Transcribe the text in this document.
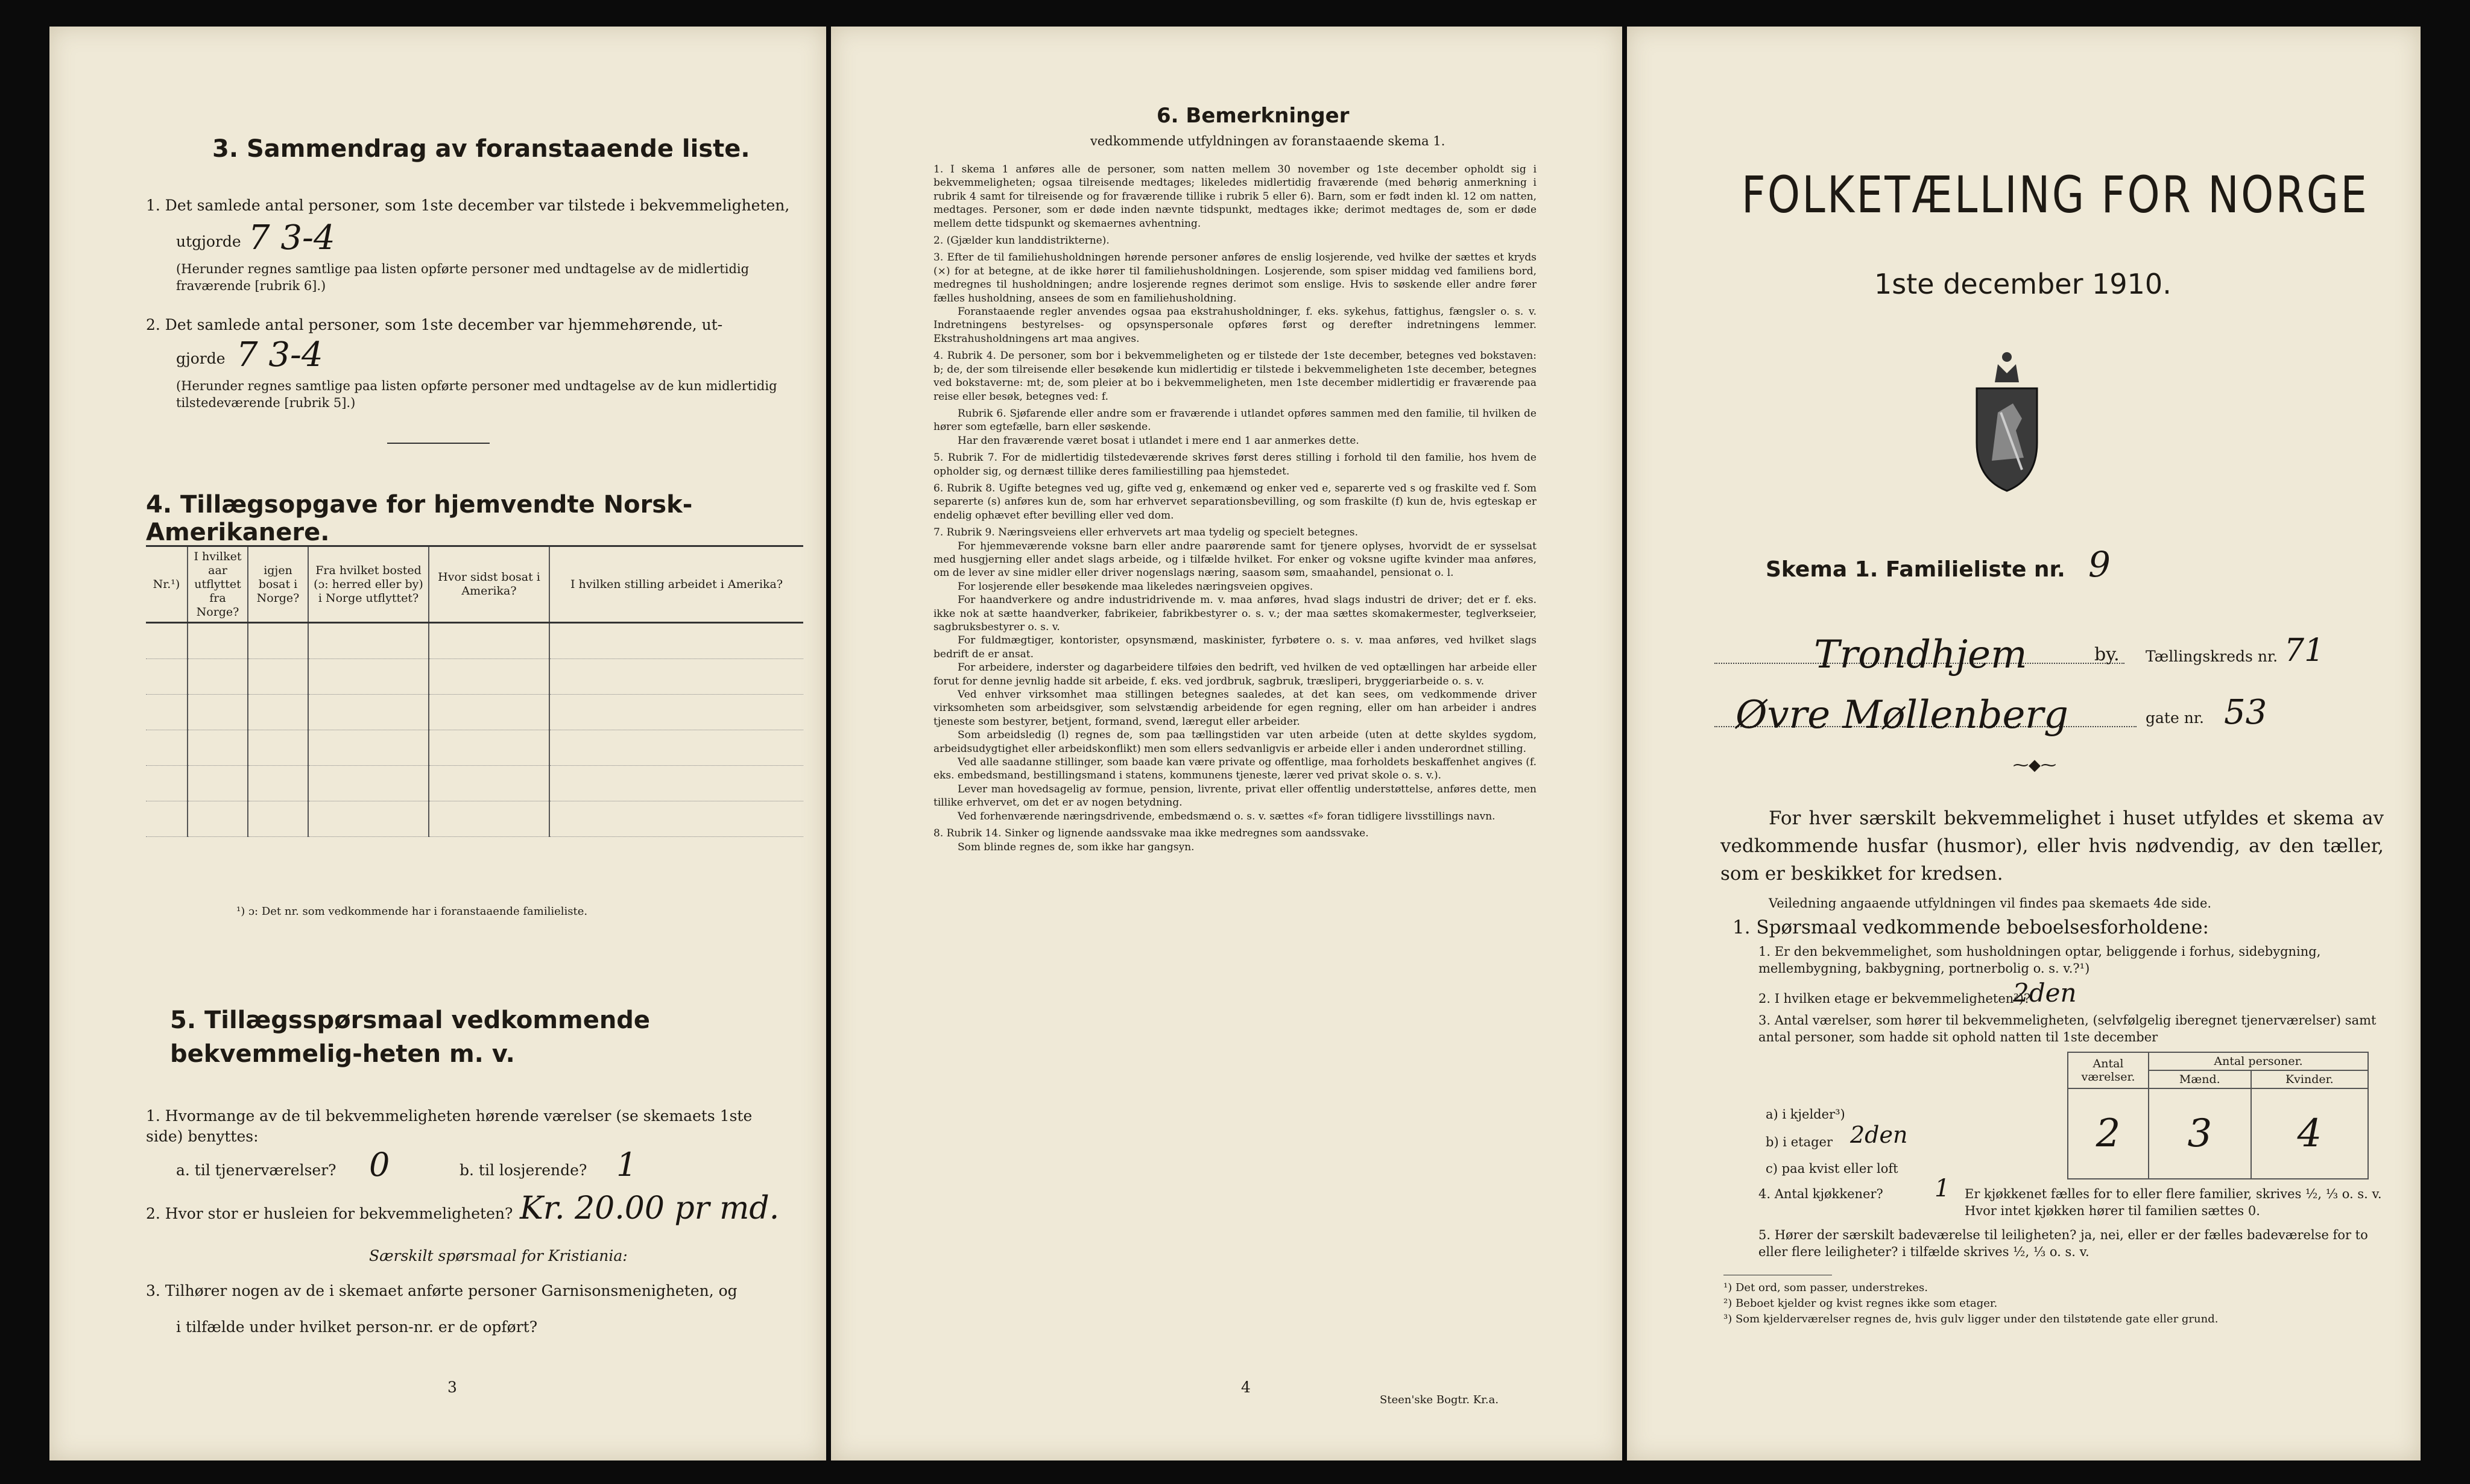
3. Sammendrag av foranstaaende liste.
1. Det samlede antal personer, som 1ste december var tilstede i bekvemmeligheten,
utgjorde 7 3-4
(Herunder regnes samtlige paa listen opførte personer med undtagelse av de midlertidig fraværende [rubrik 6].)
2. Det samlede antal personer, som 1ste december var hjemmehørende, ut-
gjorde 7 3-4
(Herunder regnes samtlige paa listen opførte personer med undtagelse av de kun midlertidig tilstedeværende [rubrik 5].)
4. Tillægsopgave for hjemvendte Norsk-Amerikanere.
Nr.¹)	I hvilket aar utflyttet fra Norge?	igjen bosat i Norge?	Fra hvilket bosted (ɔ: herred eller by) i Norge utflyttet?	Hvor sidst bosat i Amerika?	I hvilken stilling arbeidet i Amerika?

¹) ɔ: Det nr. som vedkommende har i foranstaaende familieliste.
5. Tillægsspørsmaal vedkommende bekvemmelig-heten m. v.
1. Hvormange av de til bekvemmeligheten hørende værelser (se skemaets 1ste side) benyttes:
a. til tjenerværelser? 0	b. til losjerende? 1
2. Hvor stor er husleien for bekvemmeligheten? Kr. 20.00 pr md.
Særskilt spørsmaal for Kristiania:
3. Tilhører nogen av de i skemaet anførte personer Garnisonsmenigheten, og
i tilfælde under hvilket person-nr. er de opført?
3
6. Bemerkninger
vedkommende utfyldningen av foranstaaende skema 1.

1. I skema 1 anføres alle de personer, som natten mellem 30 november og 1ste december opholdt sig i bekvemmeligheten; ogsaa tilreisende medtages; likeledes midlertidig fraværende (med behørig anmerkning i rubrik 4 samt for tilreisende og for fraværende tillike i rubrik 5 eller 6). Barn, som er født inden kl. 12 om natten, medtages. Personer, som er døde inden nævnte tidspunkt, medtages ikke; derimot medtages de, som er døde mellem dette tidspunkt og skemaernes avhentning.

2. (Gjælder kun landdistrikterne).

3. Efter de til familiehusholdningen hørende personer anføres de enslig losjerende, ved hvilke der sættes et kryds (×) for at betegne, at de ikke hører til familiehusholdningen. Losjerende, som spiser middag ved familiens bord, medregnes til husholdningen; andre losjerende regnes derimot som enslige. Hvis to søskende eller andre fører fælles husholdning, ansees de som en familiehusholdning.

Foranstaaende regler anvendes ogsaa paa ekstrahusholdninger, f. eks. sykehus, fattighus, fængsler o. s. v. Indretningens bestyrelses- og opsynspersonale opføres først og derefter indretningens lemmer. Ekstrahusholdningens art maa angives.

4. Rubrik 4. De personer, som bor i bekvemmeligheten og er tilstede der 1ste december, betegnes ved bokstaven: b; de, der som tilreisende eller besøkende kun midlertidig er tilstede i bekvemmeligheten 1ste december, betegnes ved bokstaverne: mt; de, som pleier at bo i bekvemmeligheten, men 1ste december midlertidig er fraværende paa reise eller besøk, betegnes ved: f.

Rubrik 6. Sjøfarende eller andre som er fraværende i utlandet opføres sammen med den familie, til hvilken de hører som egtefælle, barn eller søskende.

Har den fraværende været bosat i utlandet i mere end 1 aar anmerkes dette.

5. Rubrik 7. For de midlertidig tilstedeværende skrives først deres stilling i forhold til den familie, hos hvem de opholder sig, og dernæst tillike deres familiestilling paa hjemstedet.

6. Rubrik 8. Ugifte betegnes ved ug, gifte ved g, enkemænd og enker ved e, separerte ved s og fraskilte ved f. Som separerte (s) anføres kun de, som har erhvervet separationsbevilling, og som fraskilte (f) kun de, hvis egteskap er endelig ophævet efter bevilling eller ved dom.

7. Rubrik 9. Næringsveiens eller erhvervets art maa tydelig og specielt betegnes.

For hjemmeværende voksne barn eller andre paarørende samt for tjenere oplyses, hvorvidt de er sysselsat med husgjerning eller andet slags arbeide, og i tilfælde hvilket. For enker og voksne ugifte kvinder maa anføres, om de lever av sine midler eller driver nogenslags næring, saasom søm, smaahandel, pensionat o. l.

For losjerende eller besøkende maa likeledes næringsveien opgives.

For haandverkere og andre industridrivende m. v. maa anføres, hvad slags industri de driver; det er f. eks. ikke nok at sætte haandverker, fabrikeier, fabrikbestyrer o. s. v.; der maa sættes skomakermester, teglverkseier, sagbruksbestyrer o. s. v.

For fuldmægtiger, kontorister, opsynsmænd, maskinister, fyrbøtere o. s. v. maa anføres, ved hvilket slags bedrift de er ansat.

For arbeidere, inderster og dagarbeidere tilføies den bedrift, ved hvilken de ved optællingen har arbeide eller forut for denne jevnlig hadde sit arbeide, f. eks. ved jordbruk, sagbruk, træsliperi, bryggeriarbeide o. s. v.

Ved enhver virksomhet maa stillingen betegnes saaledes, at det kan sees, om vedkommende driver virksomheten som arbeidsgiver, som selvstændig arbeidende for egen regning, eller om han arbeider i andres tjeneste som bestyrer, betjent, formand, svend, læregut eller arbeider.

Som arbeidsledig (l) regnes de, som paa tællingstiden var uten arbeide (uten at dette skyldes sygdom, arbeidsudygtighet eller arbeidskonflikt) men som ellers sedvanligvis er arbeide eller i anden underordnet stilling.

Ved alle saadanne stillinger, som baade kan være private og offentlige, maa forholdets beskaffenhet angives (f. eks. embedsmand, bestillingsmand i statens, kommunens tjeneste, lærer ved privat skole o. s. v.).

Lever man hovedsagelig av formue, pension, livrente, privat eller offentlig understøttelse, anføres dette, men tillike erhvervet, om det er av nogen betydning.

Ved forhenværende næringsdrivende, embedsmænd o. s. v. sættes «f» foran tidligere livsstillings navn.

8. Rubrik 14. Sinker og lignende aandssvake maa ikke medregnes som aandssvake.

Som blinde regnes de, som ikke har gangsyn.

4
Steen'ske Bogtr. Kr.a.
FOLKETÆLLING FOR NORGE
1ste december 1910.
Skema 1. Familieliste nr. 9
Trondhjem	by. Tællingskreds nr. 71
Øvre Møllenberg	gate nr. 53
⁓◆⁓
For hver særskilt bekvemmelighet i huset utfyldes et skema av vedkommende husfar (husmor), eller hvis nødvendig, av den tæller, som er beskikket for kredsen.
Veiledning angaaende utfyldningen vil findes paa skemaets 4de side.
1. Spørsmaal vedkommende beboelsesforholdene:
1. Er den bekvemmelighet, som husholdningen optar, beliggende i forhus, sidebygning, mellembygning, bakbygning, portnerbolig o. s. v.?¹)
2. I hvilken etage er bekvemmeligheten²)?
2den
3. Antal værelser, som hører til bekvemmeligheten, (selvfølgelig iberegnet tjenerværelser) samt antal personer, som hadde sit ophold natten til 1ste december
Antal værelser.	Antal personer.	
	Mænd.	Kvinder.
2	3	4
a) i kjelder³)
b) i etager 2den
c) paa kvist eller loft
4. Antal kjøkkener? 1 Er kjøkkenet fælles for to eller flere familier, skrives ½, ⅓ o. s. v. Hvor intet kjøkken hører til familien sættes 0.
5. Hører der særskilt badeværelse til leiligheten? ja, nei, eller er der fælles badeværelse for to eller flere leiligheter? i tilfælde skrives ½, ⅓ o. s. v.
¹) Det ord, som passer, understrekes.
²) Beboet kjelder og kvist regnes ikke som etager.
³) Som kjelderværelser regnes de, hvis gulv ligger under den tilstøtende gate eller grund.
